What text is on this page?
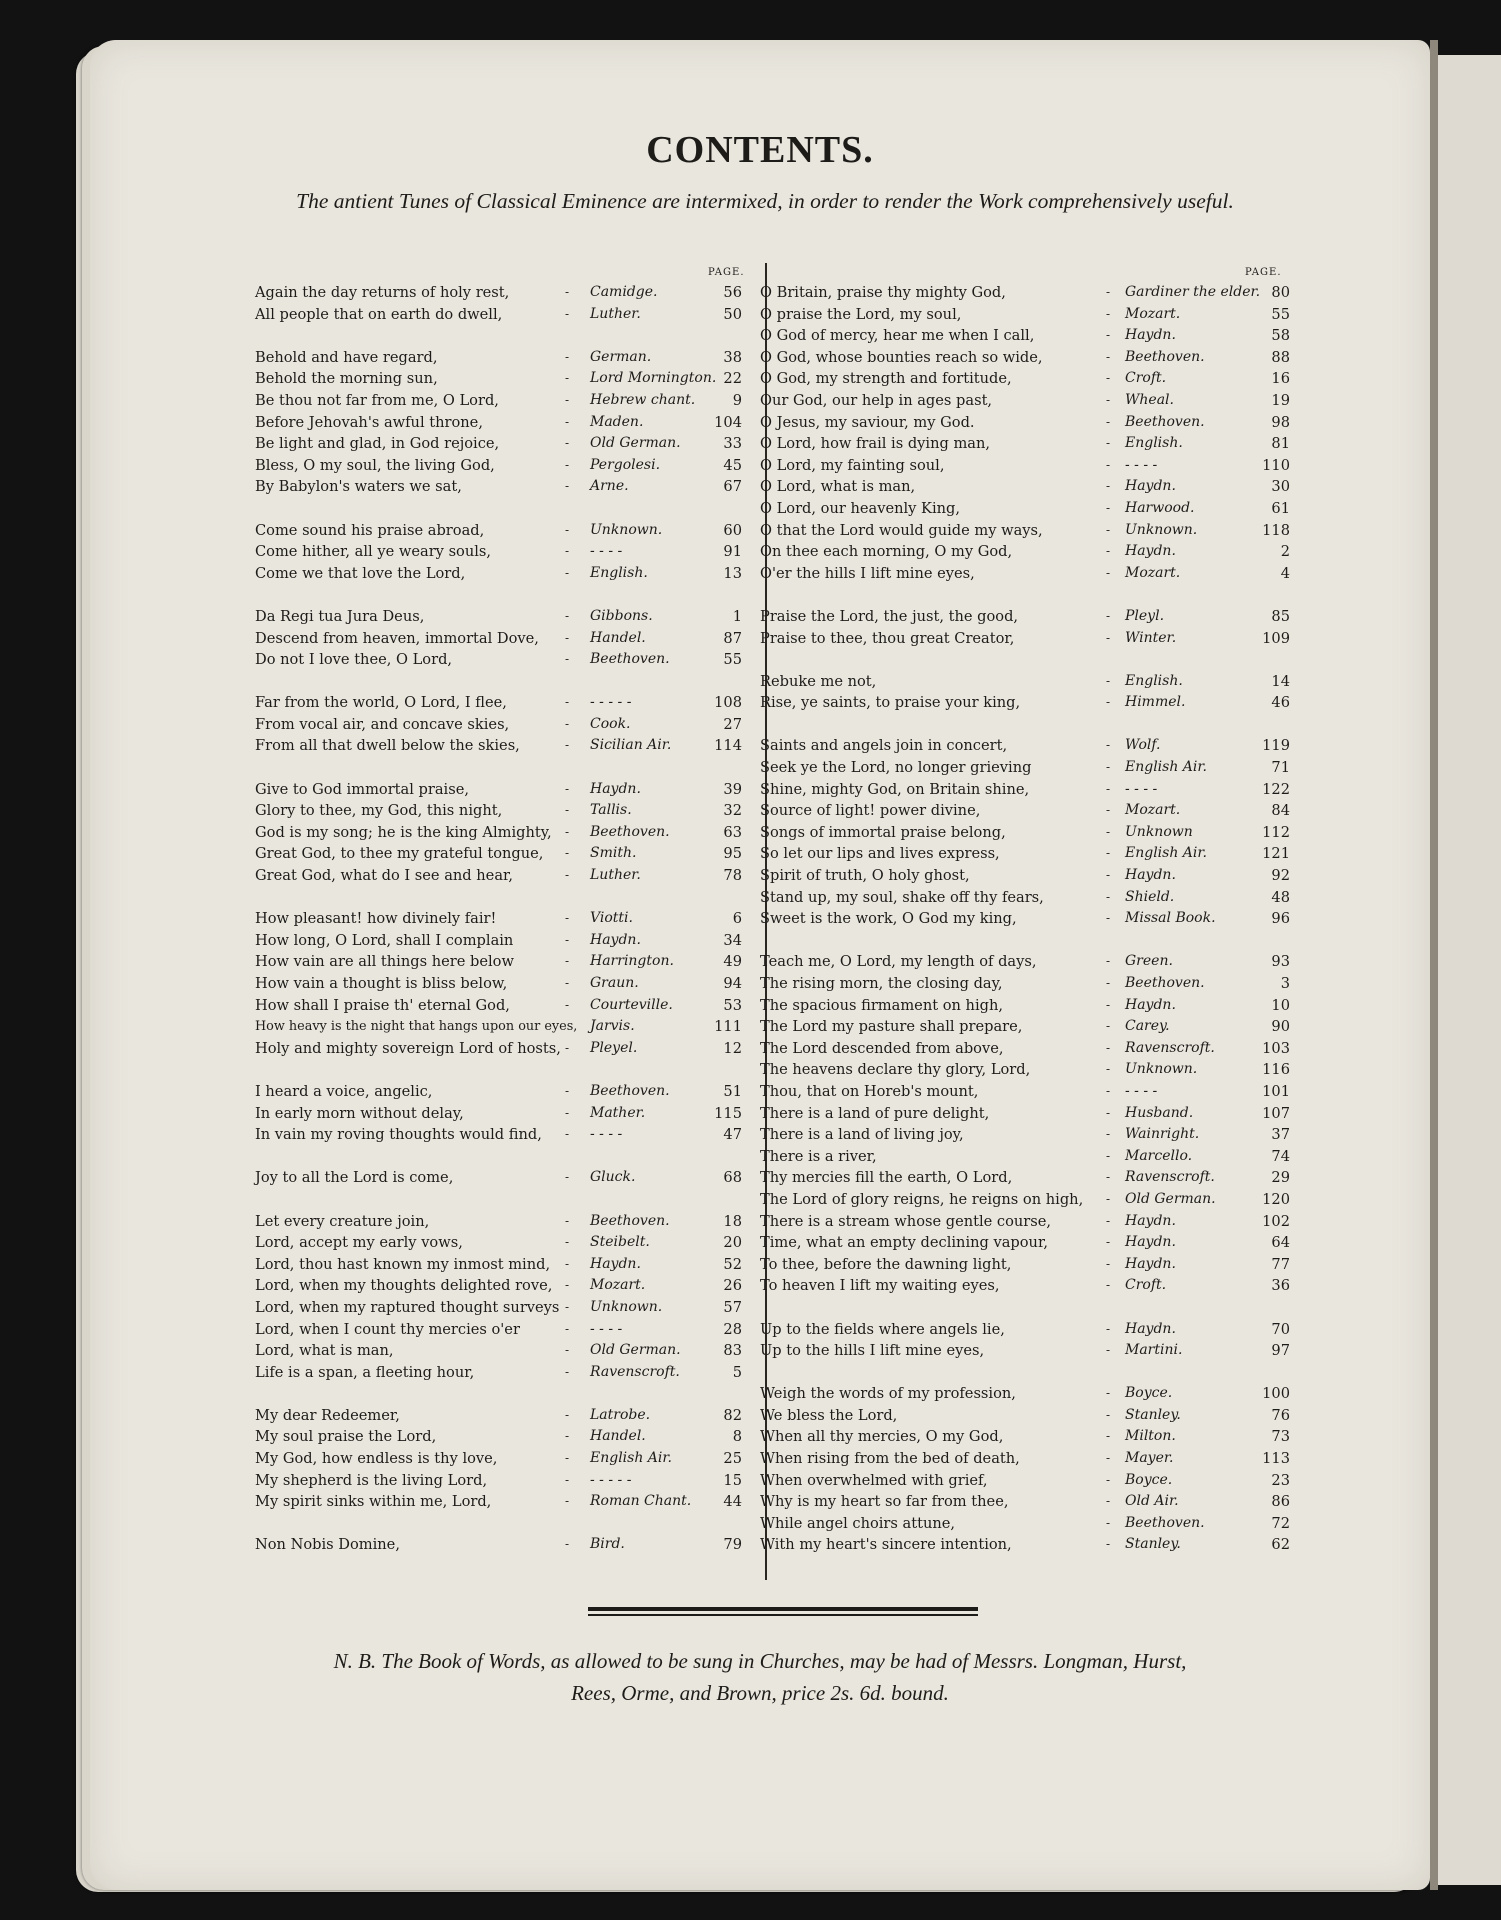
CONTENTS.
The antient Tunes of Classical Eminence are intermixed, in order to render the Work comprehensively useful.
PAGE.	PAGE.
Again the day returns of holy rest,	- Camidge.	56
All people that on earth do dwell,	- Luther.	50
Behold and have regard,	- German.	38
Behold the morning sun,	- Lord Mornington. 22
Be thou not far from me, O Lord,	- Hebrew chant.	9
Before Jehovah's awful throne,	- Maden.	104
Be light and glad, in God rejoice,	- Old German.	33
Bless, O my soul, the living God,	- Pergolesi.	45
By Babylon's waters we sat,	- Arne.	67
Come sound his praise abroad,	- Unknown.	60
Come hither, all ye weary souls,	- - - - -	91
Come we that love the Lord,	- English.	13
Da Regi tua Jura Deus,	- Gibbons.	1
Descend from heaven, immortal Dove, - Handel.	87
Do not I love thee, O Lord,	- Beethoven.	55
Far from the world, O Lord, I flee,	- - - - - -	108
From vocal air, and concave skies,	- Cook.	27
From all that dwell below the skies,	- Sicilian Air.	114
Give to God immortal praise,	- Haydn.	39
Glory to thee, my God, this night,	- Tallis.	32
God is my song; he is the king Almighty, - Beethoven.	63
Great God, to thee my grateful tongue, - Smith.	95
Great God, what do I see and hear,	- Luther.	78
How pleasant! how divinely fair!	- Viotti.	6
How long, O Lord, shall I complain	- Haydn.	34
How vain are all things here below	- Harrington.	49
How vain a thought is bliss below,	- Graun.	94
How shall I praise th' eternal God,	- Courteville.	53
How heavy is the night that hangs upon our eyes, Jarvis.	111
Holy and mighty sovereign Lord of hosts, - Pleyel.	12
I heard a voice, angelic,	- Beethoven.	51
In early morn without delay,	- Mather.	115
In vain my roving thoughts would find, - - - - -	47
Joy to all the Lord is come,	- Gluck.	68
Let every creature join,	- Beethoven.	18
Lord, accept my early vows,	- Steibelt.	20
Lord, thou hast known my inmost mind, - Haydn.	52
Lord, when my thoughts delighted rove, - Mozart.	26
Lord, when my raptured thought surveys - Unknown.	57
Lord, when I count thy mercies o'er	- - - - -	28
Lord, what is man,	- Old German.	83
Life is a span, a fleeting hour,	- Ravenscroft.	5
My dear Redeemer,	- Latrobe.	82
My soul praise the Lord,	- Handel.	8
My God, how endless is thy love,	- English Air.	25
My shepherd is the living Lord,	- - - - - -	15
My spirit sinks within me, Lord,	- Roman Chant.	44
Non Nobis Domine,	- Bird.	79
O Britain, praise thy mighty God,	- Gardiner the elder. 80
O praise the Lord, my soul,	- Mozart.	55
O God of mercy, hear me when I call,	- Haydn.	58
O God, whose bounties reach so wide,	- Beethoven.	88
O God, my strength and fortitude,	- Croft.	16
Our God, our help in ages past,	- Wheal.	19
O Jesus, my saviour, my God.	- Beethoven.	98
O Lord, how frail is dying man,	- English.	81
O Lord, my fainting soul,	- - - - -	110
O Lord, what is man,	- Haydn.	30
O Lord, our heavenly King,	- Harwood.	61
O that the Lord would guide my ways,	- Unknown.	118
On thee each morning, O my God,	- Haydn.	2
O'er the hills I lift mine eyes,	- Mozart.	4
Praise the Lord, the just, the good,	- Pleyl.	85
Praise to thee, thou great Creator,	- Winter.	109
Rebuke me not,	- English.	14
Rise, ye saints, to praise your king,	- Himmel.	46
Saints and angels join in concert,	- Wolf.	119
Seek ye the Lord, no longer grieving	- English Air.	71
Shine, mighty God, on Britain shine,	- - - - -	122
Source of light! power divine,	- Mozart.	84
Songs of immortal praise belong,	- Unknown	112
So let our lips and lives express,	- English Air.	121
Spirit of truth, O holy ghost,	- Haydn.	92
Stand up, my soul, shake off thy fears,	- Shield.	48
Sweet is the work, O God my king,	- Missal Book.	96
Teach me, O Lord, my length of days,	- Green.	93
The rising morn, the closing day,	- Beethoven.	3
The spacious firmament on high,	- Haydn.	10
The Lord my pasture shall prepare,	- Carey.	90
The Lord descended from above,	- Ravenscroft.	103
The heavens declare thy glory, Lord,	- Unknown.	116
Thou, that on Horeb's mount,	- - - - -	101
There is a land of pure delight,	- Husband.	107
There is a land of living joy,	- Wainright.	37
There is a river,	- Marcello.	74
Thy mercies fill the earth, O Lord,	- Ravenscroft.	29
The Lord of glory reigns, he reigns on high, - Old German.	120
There is a stream whose gentle course,	- Haydn.	102
Time, what an empty declining vapour,	- Haydn.	64
To thee, before the dawning light,	- Haydn.	77
To heaven I lift my waiting eyes,	- Croft.	36
Up to the fields where angels lie,	- Haydn.	70
Up to the hills I lift mine eyes,	- Martini.	97
Weigh the words of my profession,	- Boyce.	100
We bless the Lord,	- Stanley.	76
When all thy mercies, O my God,	- Milton.	73
When rising from the bed of death,	- Mayer.	113
When overwhelmed with grief,	- Boyce.	23
Why is my heart so far from thee,	- Old Air.	86
While angel choirs attune,	- Beethoven.	72
With my heart's sincere intention,	- Stanley.	62
N. B. The Book of Words, as allowed to be sung in Churches, may be had of Messrs. Longman, Hurst,
Rees, Orme, and Brown, price 2s. 6d. bound.
